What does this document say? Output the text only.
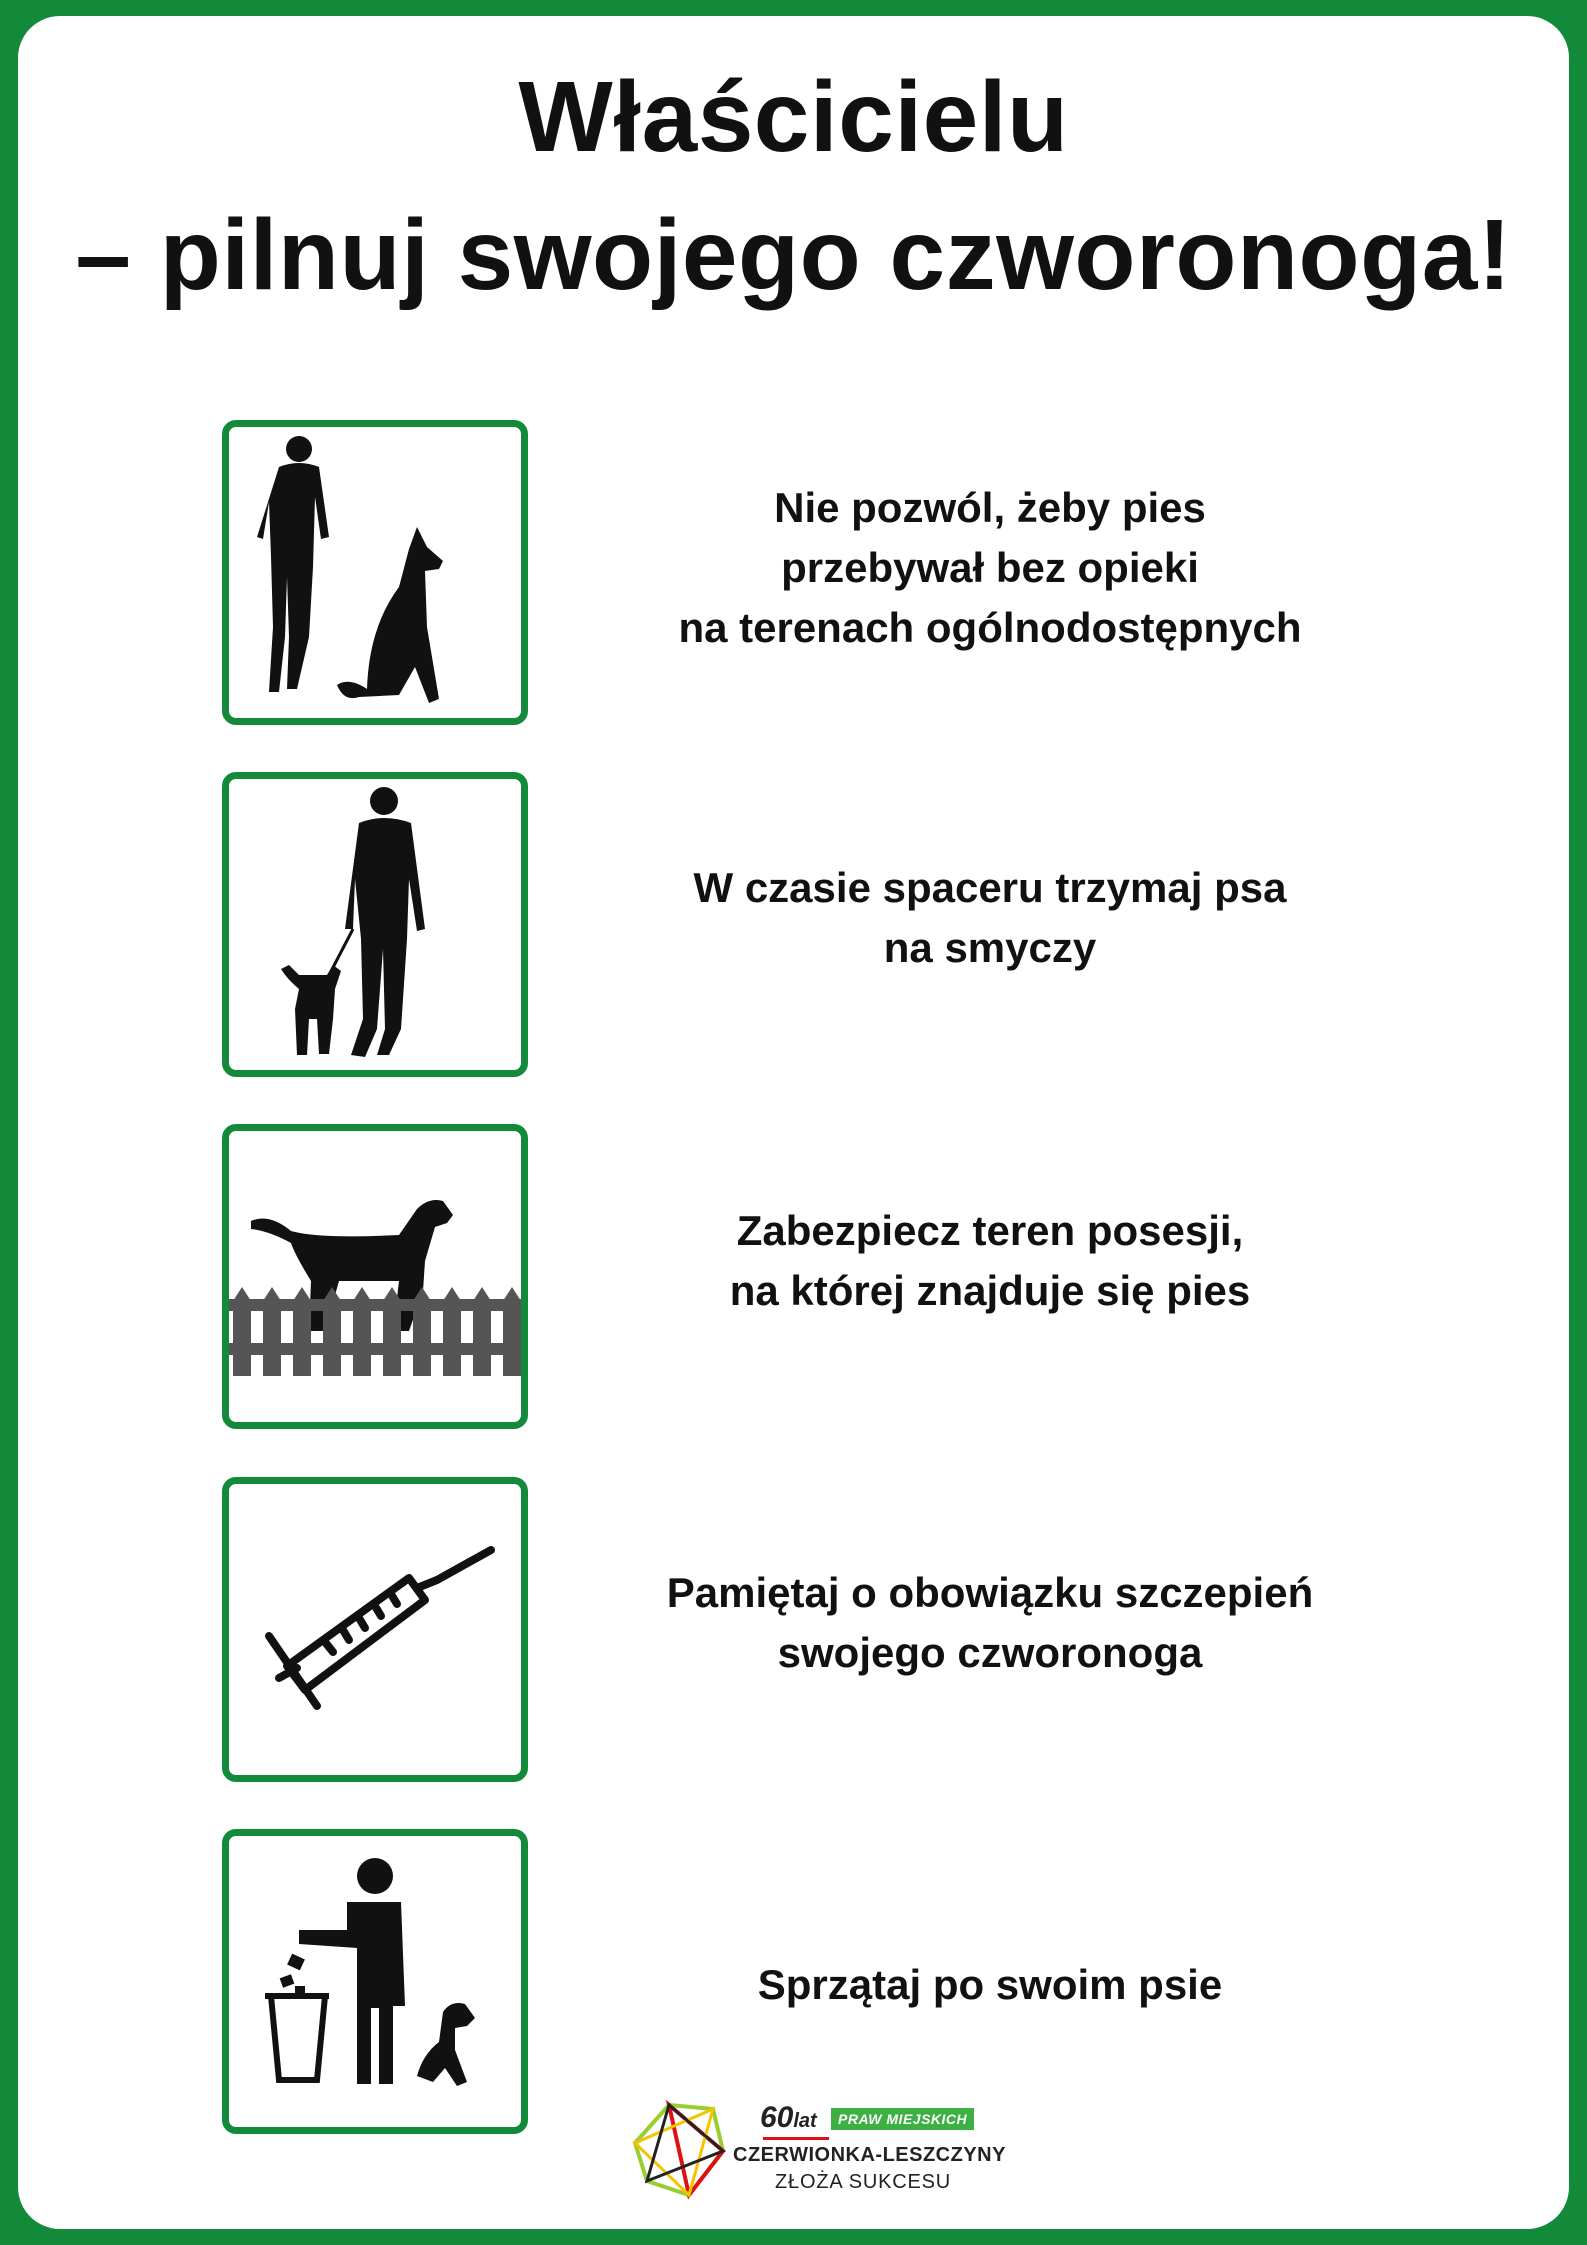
Właścicielu
– pilnuj swojego czworonoga!
Nie pozwól, żeby pies
przebywał bez opieki
na terenach ogólnodostępnych
W czasie spaceru trzymaj psa
na smyczy
Zabezpiecz teren posesji,
na której znajduje się pies
Pamiętaj o obowiązku szczepień
swojego czworonoga
Sprzątaj po swoim psie
60lat	PRAW MIEJSKICH
CZERWIONKA-LESZCZYNY
ZŁOŻA SUKCESU
